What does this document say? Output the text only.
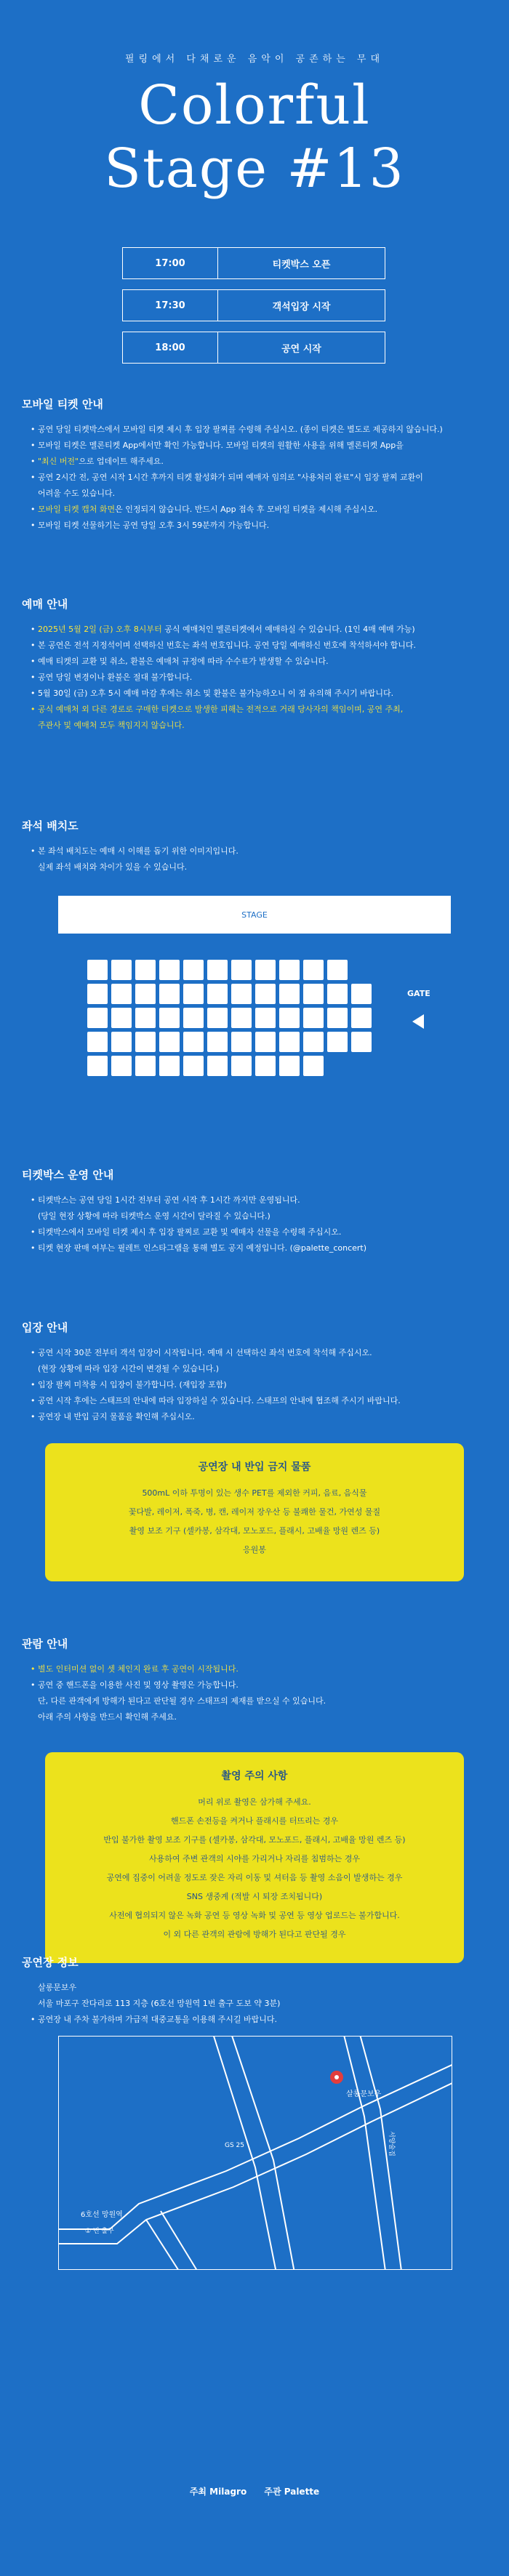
필링에서 다채로운 음악이 공존하는 무대
Colorful
Stage #13
17:00	티켓박스 오픈
17:30	객석입장 시작
18:00	공연 시작
모바일 티켓 안내
• 공연 당일 티켓박스에서 모바일 티켓 제시 후 입장 팔찌를 수령해 주십시오. (종이 티켓은 별도로 제공하지 않습니다.)
• 모바일 티켓은 멜론티켓 App에서만 확인 가능합니다. 모바일 티켓의 원활한 사용을 위해 멜론티켓 App을
• "최신 버전"으로 업데이트 해주세요.
• 공연 2시간 전, 공연 시작 1시간 후까지 티켓 활성화가 되며 예매자 임의로 "사용처리 완료"시 입장 팔찌 교환이
어려울 수도 있습니다.
• 모바일 티켓 캡처 화면은 인정되지 않습니다. 반드시 App 접속 후 모바일 티켓을 제시해 주십시오.
• 모바일 티켓 선물하기는 공연 당일 오후 3시 59분까지 가능합니다.
예매 안내
• 2025년 5월 2일 (금) 오후 8시부터 공식 예매처인 멜론티켓에서 예매하실 수 있습니다. (1인 4매 예매 가능)
• 본 공연은 전석 지정석이며 선택하신 번호는 좌석 번호입니다. 공연 당일 예매하신 번호에 착석하셔야 합니다.
• 예매 티켓의 교환 및 취소, 환불은 예매처 규정에 따라 수수료가 발생할 수 있습니다.
• 공연 당일 변경이나 환불은 절대 불가합니다.
• 5월 30일 (금) 오후 5시 예매 마감 후에는 취소 및 환불은 불가능하오니 이 점 유의해 주시기 바랍니다.
• 공식 예매처 외 다른 경로로 구매한 티켓으로 발생한 피해는 전적으로 거래 당사자의 책임이며, 공연 주최,
주관사 및 예매처 모두 책임지지 않습니다.
좌석 배치도
• 본 좌석 배치도는 예매 시 이해를 돕기 위한 이미지입니다.
실제 좌석 배치와 차이가 있을 수 있습니다.
STAGE
GATE
티켓박스 운영 안내
• 티켓박스는 공연 당일 1시간 전부터 공연 시작 후 1시간 까지만 운영됩니다.
(당일 현장 상황에 따라 티켓박스 운영 시간이 달라질 수 있습니다.)
• 티켓박스에서 모바일 티켓 제시 후 입장 팔찌로 교환 및 예매자 선물을 수령해 주십시오.
• 티켓 현장 판매 여부는 필레트 인스타그램을 통해 별도 공지 예정입니다. (@palette_concert)
입장 안내
• 공연 시작 30분 전부터 객석 입장이 시작됩니다. 예매 시 선택하신 좌석 번호에 착석해 주십시오.
(현장 상황에 따라 입장 시간이 변경될 수 있습니다.)
• 입장 팔찌 미착용 시 입장이 불가합니다. (재입장 포함)
• 공연 시작 후에는 스태프의 안내에 따라 입장하실 수 있습니다. 스태프의 안내에 협조해 주시기 바랍니다.
• 공연장 내 반입 금지 물품을 확인해 주십시오.
공연장 내 반입 금지 물품

500mL 이하 투명이 있는 생수 PET를 제외한 커피, 음료, 음식물

꽃다발, 레이저, 폭죽, 병, 캔, 레이저 장우산 등 불쾌한 물건, 가연성 물질

촬영 보조 기구 (셀카봉, 삼각대, 모노포드, 플래시, 고배율 망원 렌즈 등)

응원봉

관람 안내
• 별도 인터미션 없이 셋 체인지 완료 후 공연이 시작됩니다.
• 공연 중 핸드폰을 이용한 사진 및 영상 촬영은 가능합니다.
단, 다른 관객에게 방해가 된다고 판단될 경우 스태프의 제재를 받으실 수 있습니다.
아래 주의 사항을 반드시 확인해 주세요.
촬영 주의 사항

머리 위로 촬영은 삼가해 주세요.

핸드폰 손전등을 켜거나 플래시를 터뜨리는 경우

반입 불가한 촬영 보조 기구를 (셀카봉, 삼각대, 모노포드, 플래시, 고배율 망원 렌즈 등)

사용하여 주변 관객의 시야를 가리거나 자리를 침범하는 경우

공연에 집중이 어려울 정도로 잦은 자리 이동 및 셔터음 등 촬영 소음이 발생하는 경우

SNS 생중계 (적발 시 퇴장 조치됩니다)

사전에 협의되지 않은 녹화 공연 등 영상 녹화 및 공연 등 영상 업로드는 불가합니다.

이 외 다른 관객의 관람에 방해가 된다고 판단될 경우

공연장 정보
살롱문보우
서울 마포구 잔다리로 113 지층 (6호선 망원역 1번 출구 도보 약 3분)
• 공연장 내 주차 불가하며 가급적 대중교통을 이용해 주시길 바랍니다.
살롱문보우
서양술집
GS 25
6호선 망원역
① 번 출구
주최 Milagro 주관 Palette
